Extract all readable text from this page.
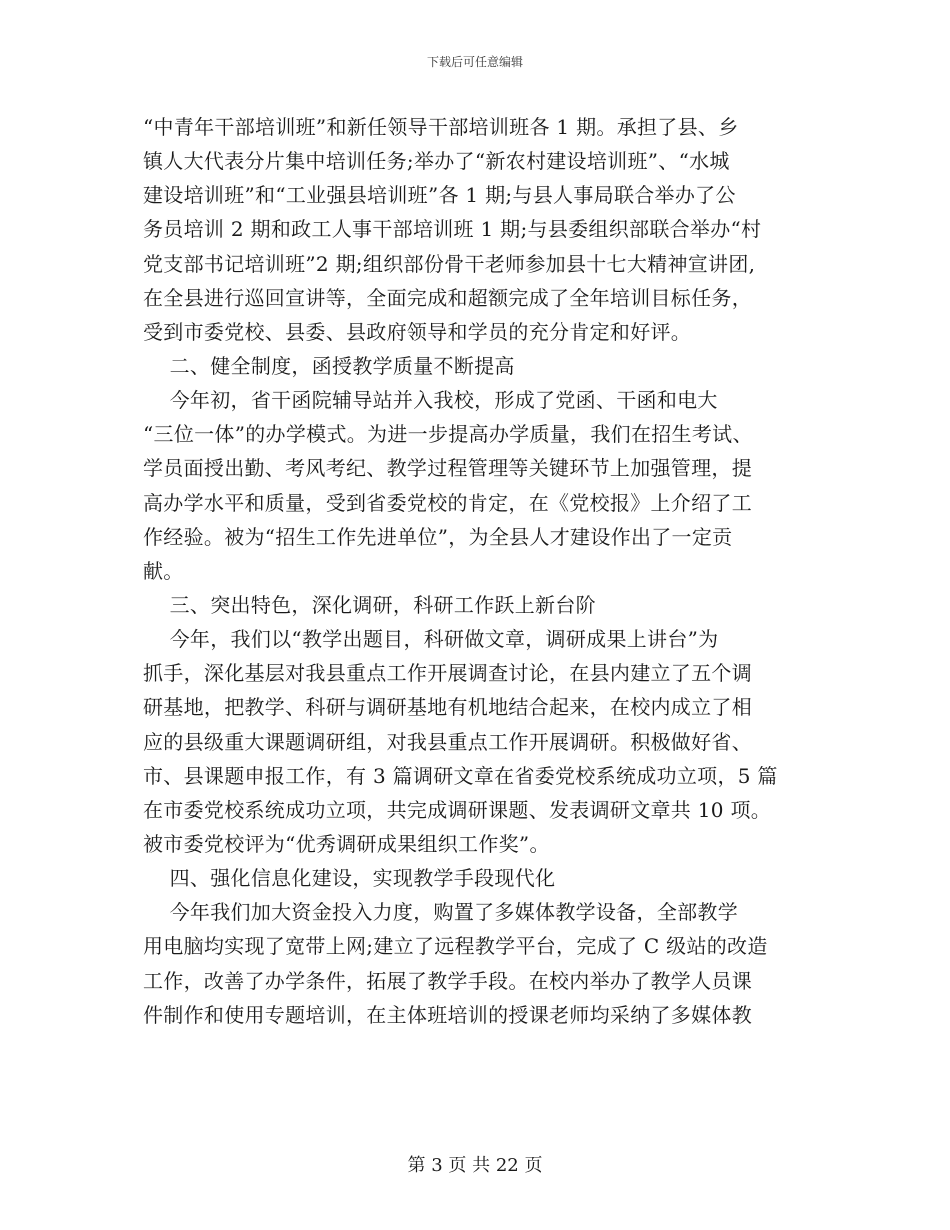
下载后可任意编辑
“中青年干部培训班”和新任领导干部培训班各 1 期。承担了县、乡
镇人大代表分片集中培训任务;举办了“新农村建设培训班”、“水城
建设培训班”和“工业强县培训班”各 1 期;与县人事局联合举办了公
务员培训 2 期和政工人事干部培训班 1 期;与县委组织部联合举办“村
党支部书记培训班”2 期;组织部份骨干老师参加县十七大精神宣讲团,
在全县进行巡回宣讲等，全面完成和超额完成了全年培训目标任务，
受到市委党校、县委、县政府领导和学员的充分肯定和好评。
二、健全制度，函授教学质量不断提高
今年初，省干函院辅导站并入我校，形成了党函、干函和电大
“三位一体”的办学模式。为进一步提高办学质量，我们在招生考试、
学员面授出勤、考风考纪、教学过程管理等关键环节上加强管理，提
高办学水平和质量，受到省委党校的肯定，在《党校报》上介绍了工
作经验。被为“招生工作先进单位”，为全县人才建设作出了一定贡
献。
三、突出特色，深化调研，科研工作跃上新台阶
今年，我们以“教学出题目，科研做文章，调研成果上讲台”为
抓手，深化基层对我县重点工作开展调查讨论，在县内建立了五个调
研基地，把教学、科研与调研基地有机地结合起来，在校内成立了相
应的县级重大课题调研组，对我县重点工作开展调研。积极做好省、
市、县课题申报工作，有 3 篇调研文章在省委党校系统成功立项，5 篇
在市委党校系统成功立项，共完成调研课题、发表调研文章共 10 项。
被市委党校评为“优秀调研成果组织工作奖”。
四、强化信息化建设，实现教学手段现代化
今年我们加大资金投入力度，购置了多媒体教学设备，全部教学
用电脑均实现了宽带上网;建立了远程教学平台，完成了 C 级站的改造
工作，改善了办学条件，拓展了教学手段。在校内举办了教学人员课
件制作和使用专题培训，在主体班培训的授课老师均采纳了多媒体教
第 3 页 共 22 页
